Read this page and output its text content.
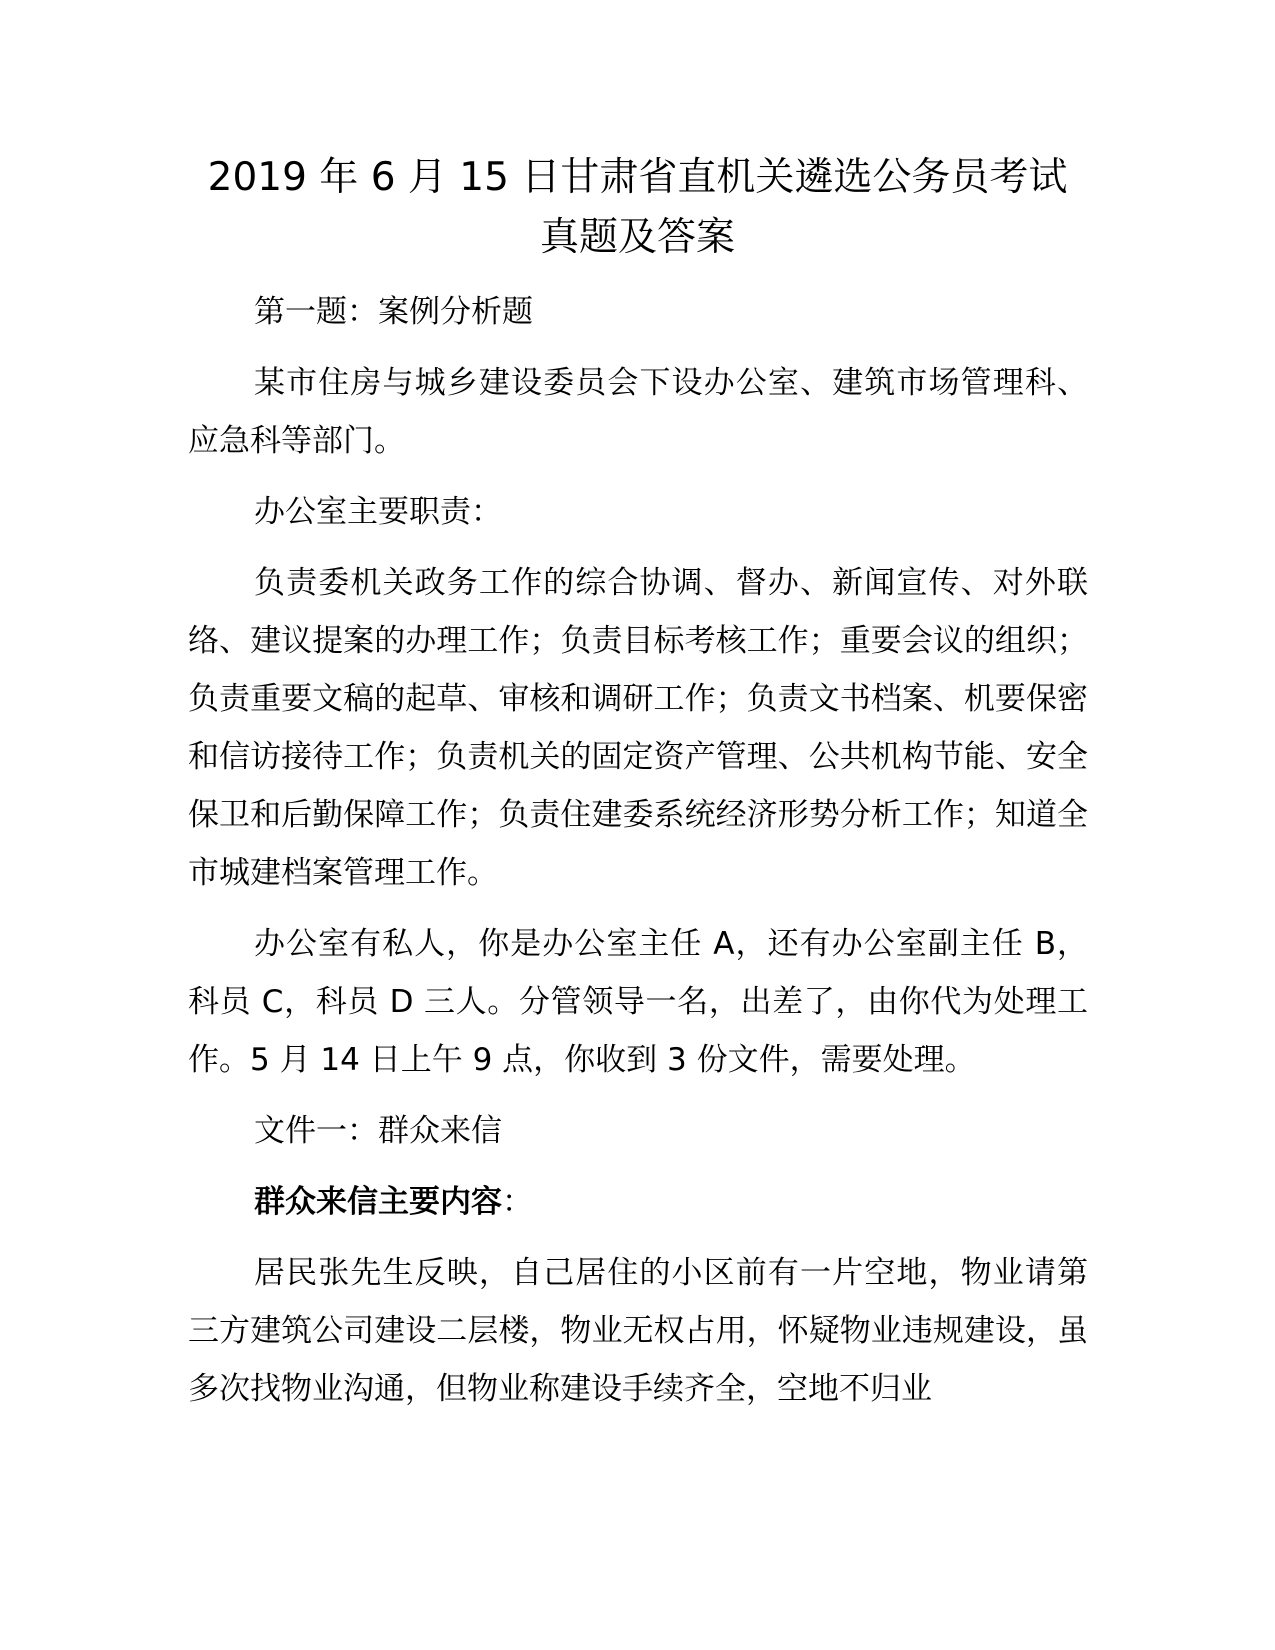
2019 年 6 月 15 日甘肃省直机关遴选公务员考试
真题及答案

第一题：案例分析题

某市住房与城乡建设委员会下设办公室、建筑市场管理科、应急科等部门。

办公室主要职责：

负责委机关政务工作的综合协调、督办、新闻宣传、对外联络、建议提案的办理工作；负责目标考核工作；重要会议的组织；负责重要文稿的起草、审核和调研工作；负责文书档案、机要保密和信访接待工作；负责机关的固定资产管理、公共机构节能、安全保卫和后勤保障工作；负责住建委系统经济形势分析工作；知道全市城建档案管理工作。

办公室有私人，你是办公室主任 A，还有办公室副主任 B，科员 C，科员 D 三人。分管领导一名，出差了，由你代为处理工作。5 月 14 日上午 9 点，你收到 3 份文件，需要处理。

文件一：群众来信

群众来信主要内容：

居民张先生反映，自己居住的小区前有一片空地，物业请第三方建筑公司建设二层楼，物业无权占用，怀疑物业违规建设，虽多次找物业沟通，但物业称建设手续齐全，空地不归业
